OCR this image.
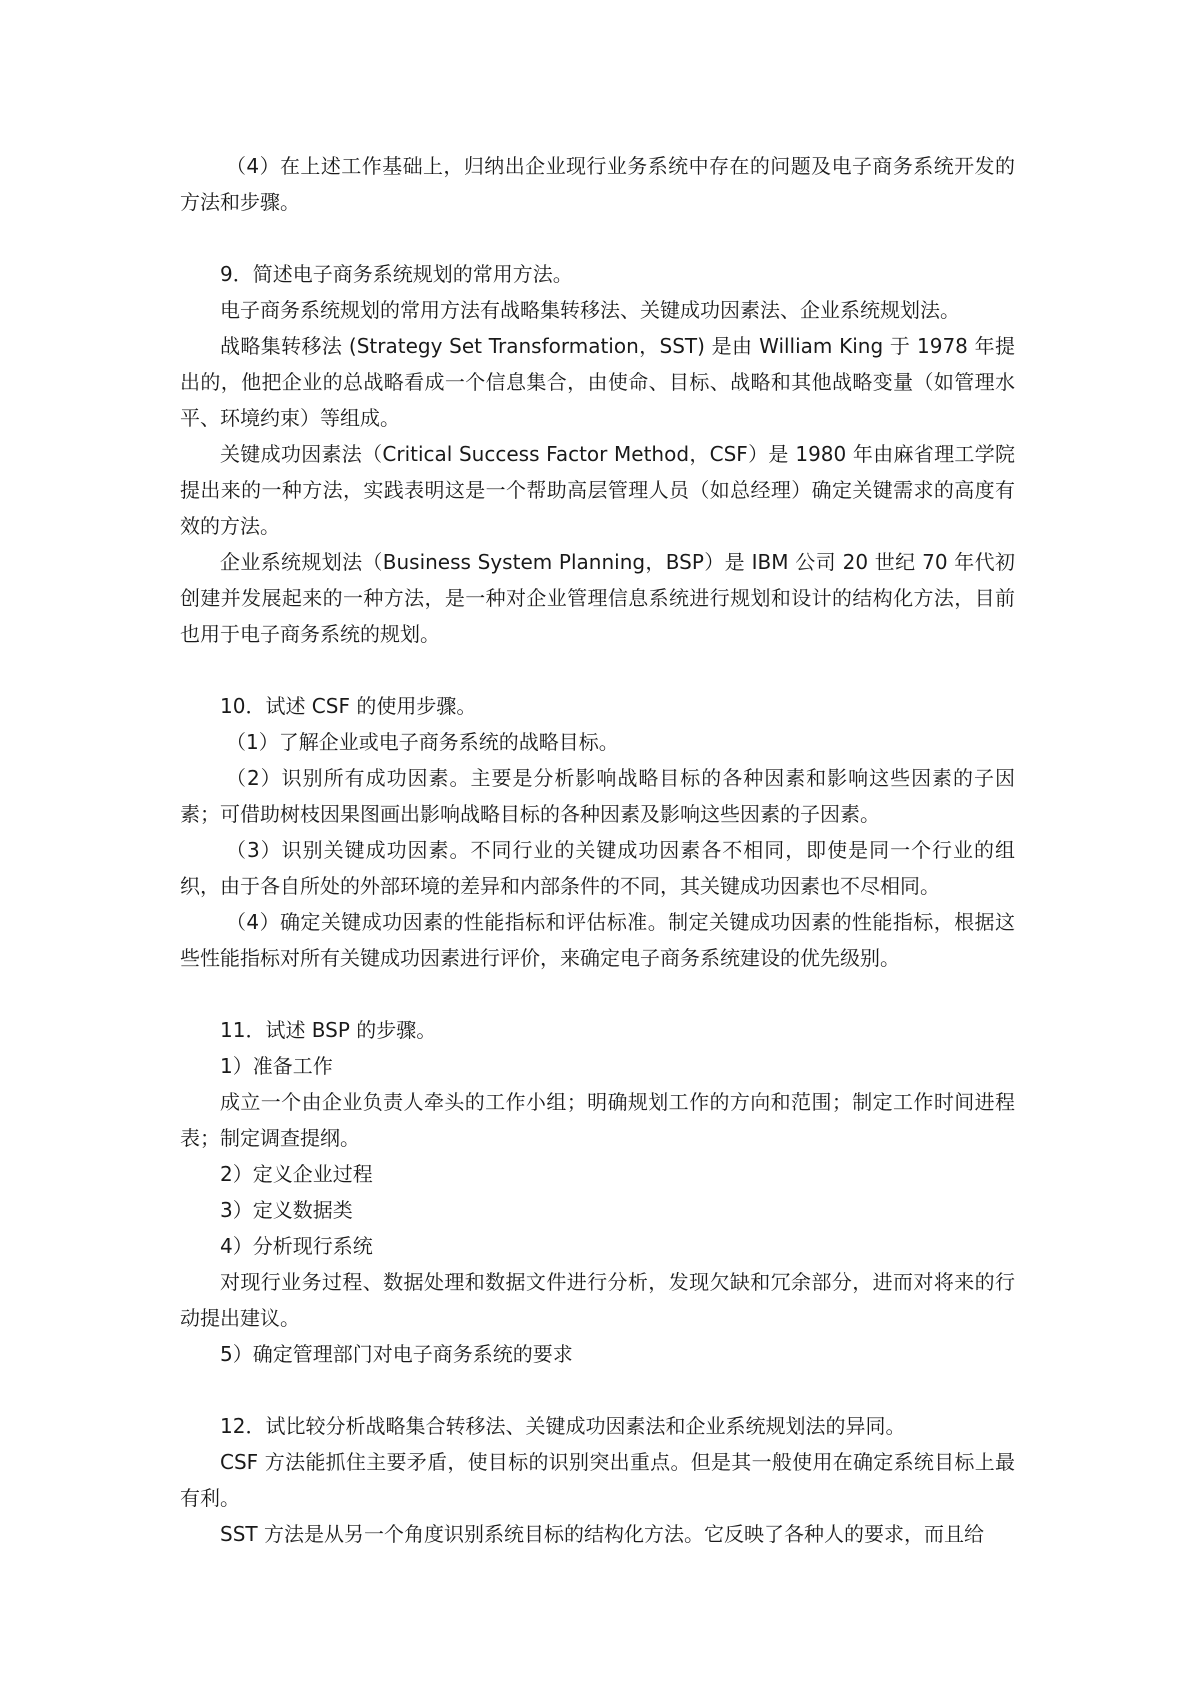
（4）在上述工作基础上，归纳出企业现行业务系统中存在的问题及电子商务系统开发的方法和步骤。

9．简述电子商务系统规划的常用方法。

电子商务系统规划的常用方法有战略集转移法、关键成功因素法、企业系统规划法。

战略集转移法 (Strategy Set Transformation，SST) 是由 William King 于 1978 年提出的，他把企业的总战略看成一个信息集合，由使命、目标、战略和其他战略变量（如管理水平、环境约束）等组成。

关键成功因素法（Critical Success Factor Method，CSF）是 1980 年由麻省理工学院提出来的一种方法，实践表明这是一个帮助高层管理人员（如总经理）确定关键需求的高度有效的方法。

企业系统规划法（Business System Planning，BSP）是 IBM 公司 20 世纪 70 年代初创建并发展起来的一种方法，是一种对企业管理信息系统进行规划和设计的结构化方法，目前也用于电子商务系统的规划。

10．试述 CSF 的使用步骤。

（1）了解企业或电子商务系统的战略目标。

（2）识别所有成功因素。主要是分析影响战略目标的各种因素和影响这些因素的子因素；可借助树枝因果图画出影响战略目标的各种因素及影响这些因素的子因素。

（3）识别关键成功因素。不同行业的关键成功因素各不相同，即使是同一个行业的组织，由于各自所处的外部环境的差异和内部条件的不同，其关键成功因素也不尽相同。

（4）确定关键成功因素的性能指标和评估标准。制定关键成功因素的性能指标，根据这些性能指标对所有关键成功因素进行评价，来确定电子商务系统建设的优先级别。

11．试述 BSP 的步骤。

1）准备工作

成立一个由企业负责人牵头的工作小组；明确规划工作的方向和范围；制定工作时间进程表；制定调查提纲。

2）定义企业过程

3）定义数据类

4）分析现行系统

对现行业务过程、数据处理和数据文件进行分析，发现欠缺和冗余部分，进而对将来的行动提出建议。

5）确定管理部门对电子商务系统的要求

12．试比较分析战略集合转移法、关键成功因素法和企业系统规划法的异同。

CSF 方法能抓住主要矛盾，使目标的识别突出重点。但是其一般使用在确定系统目标上最有利。

SST 方法是从另一个角度识别系统目标的结构化方法。它反映了各种人的要求，而且给
